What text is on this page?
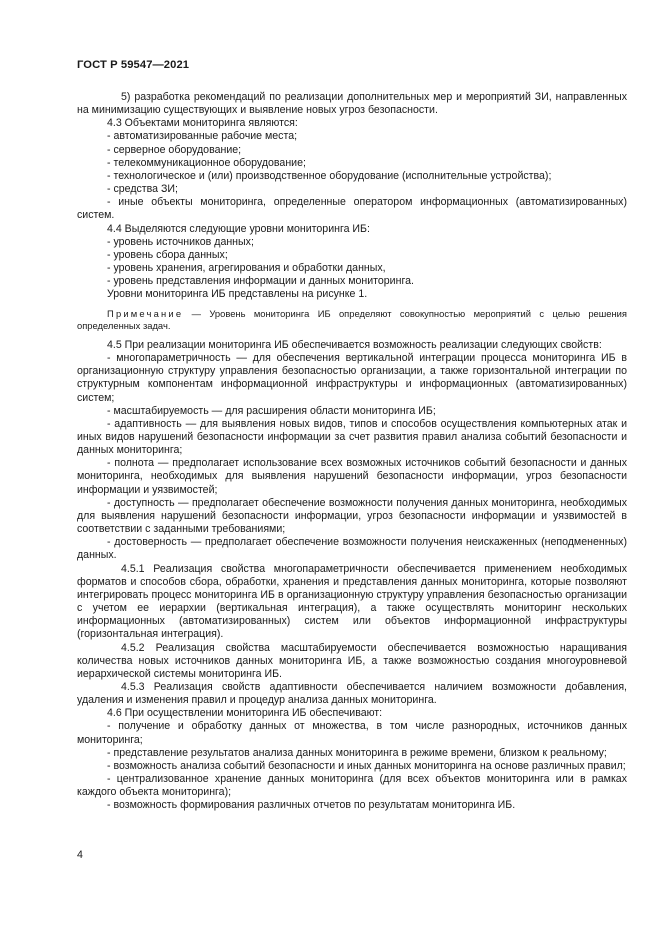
ГОСТ Р 59547—2021

5) разработка рекомендаций по реализации дополнительных мер и мероприятий ЗИ, направленных на минимизацию существующих и выявление новых угроз безопасности.

4.3 Объектами мониторинга являются:

- автоматизированные рабочие места;

- серверное оборудование;

- телекоммуникационное оборудование;

- технологическое и (или) производственное оборудование (исполнительные устройства);

- средства ЗИ;

- иные объекты мониторинга, определенные оператором информационных (автоматизированных) систем.

4.4 Выделяются следующие уровни мониторинга ИБ:

- уровень источников данных;

- уровень сбора данных;

- уровень хранения, агрегирования и обработки данных,

- уровень представления информации и данных мониторинга.

Уровни мониторинга ИБ представлены на рисунке 1.

Примечание — Уровень мониторинга ИБ определяют совокупностью мероприятий с целью решения определенных задач.

4.5 При реализации мониторинга ИБ обеспечивается возможность реализации следующих свойств:

- многопараметричность — для обеспечения вертикальной интеграции процесса мониторинга ИБ в организационную структуру управления безопасностью организации, а также горизонтальной интеграции по структурным компонентам информационной инфраструктуры и информационных (автоматизированных) систем;

- масштабируемость — для расширения области мониторинга ИБ;

- адаптивность — для выявления новых видов, типов и способов осуществления компьютерных атак и иных видов нарушений безопасности информации за счет развития правил анализа событий безопасности и данных мониторинга;

- полнота — предполагает использование всех возможных источников событий безопасности и данных мониторинга, необходимых для выявления нарушений безопасности информации, угроз безопасности информации и уязвимостей;

- доступность — предполагает обеспечение возможности получения данных мониторинга, необходимых для выявления нарушений безопасности информации, угроз безопасности информации и уязвимостей в соответствии с заданными требованиями;

- достоверность — предполагает обеспечение возможности получения неискаженных (неподмененных) данных.

4.5.1 Реализация свойства многопараметричности обеспечивается применением необходимых форматов и способов сбора, обработки, хранения и представления данных мониторинга, которые позволяют интегрировать процесс мониторинга ИБ в организационную структуру управления безопасностью организации с учетом ее иерархии (вертикальная интеграция), а также осуществлять мониторинг нескольких информационных (автоматизированных) систем или объектов информационной инфраструктуры (горизонтальная интеграция).

4.5.2 Реализация свойства масштабируемости обеспечивается возможностью наращивания количества новых источников данных мониторинга ИБ, а также возможностью создания многоуровневой иерархической системы мониторинга ИБ.

4.5.3 Реализация свойств адаптивности обеспечивается наличием возможности добавления, удаления и изменения правил и процедур анализа данных мониторинга.

4.6 При осуществлении мониторинга ИБ обеспечивают:

- получение и обработку данных от множества, в том числе разнородных, источников данных мониторинга;

- представление результатов анализа данных мониторинга в режиме времени, близком к реальному;

- возможность анализа событий безопасности и иных данных мониторинга на основе различных правил;

- централизованное хранение данных мониторинга (для всех объектов мониторинга или в рамках каждого объекта мониторинга);

- возможность формирования различных отчетов по результатам мониторинга ИБ.

4
